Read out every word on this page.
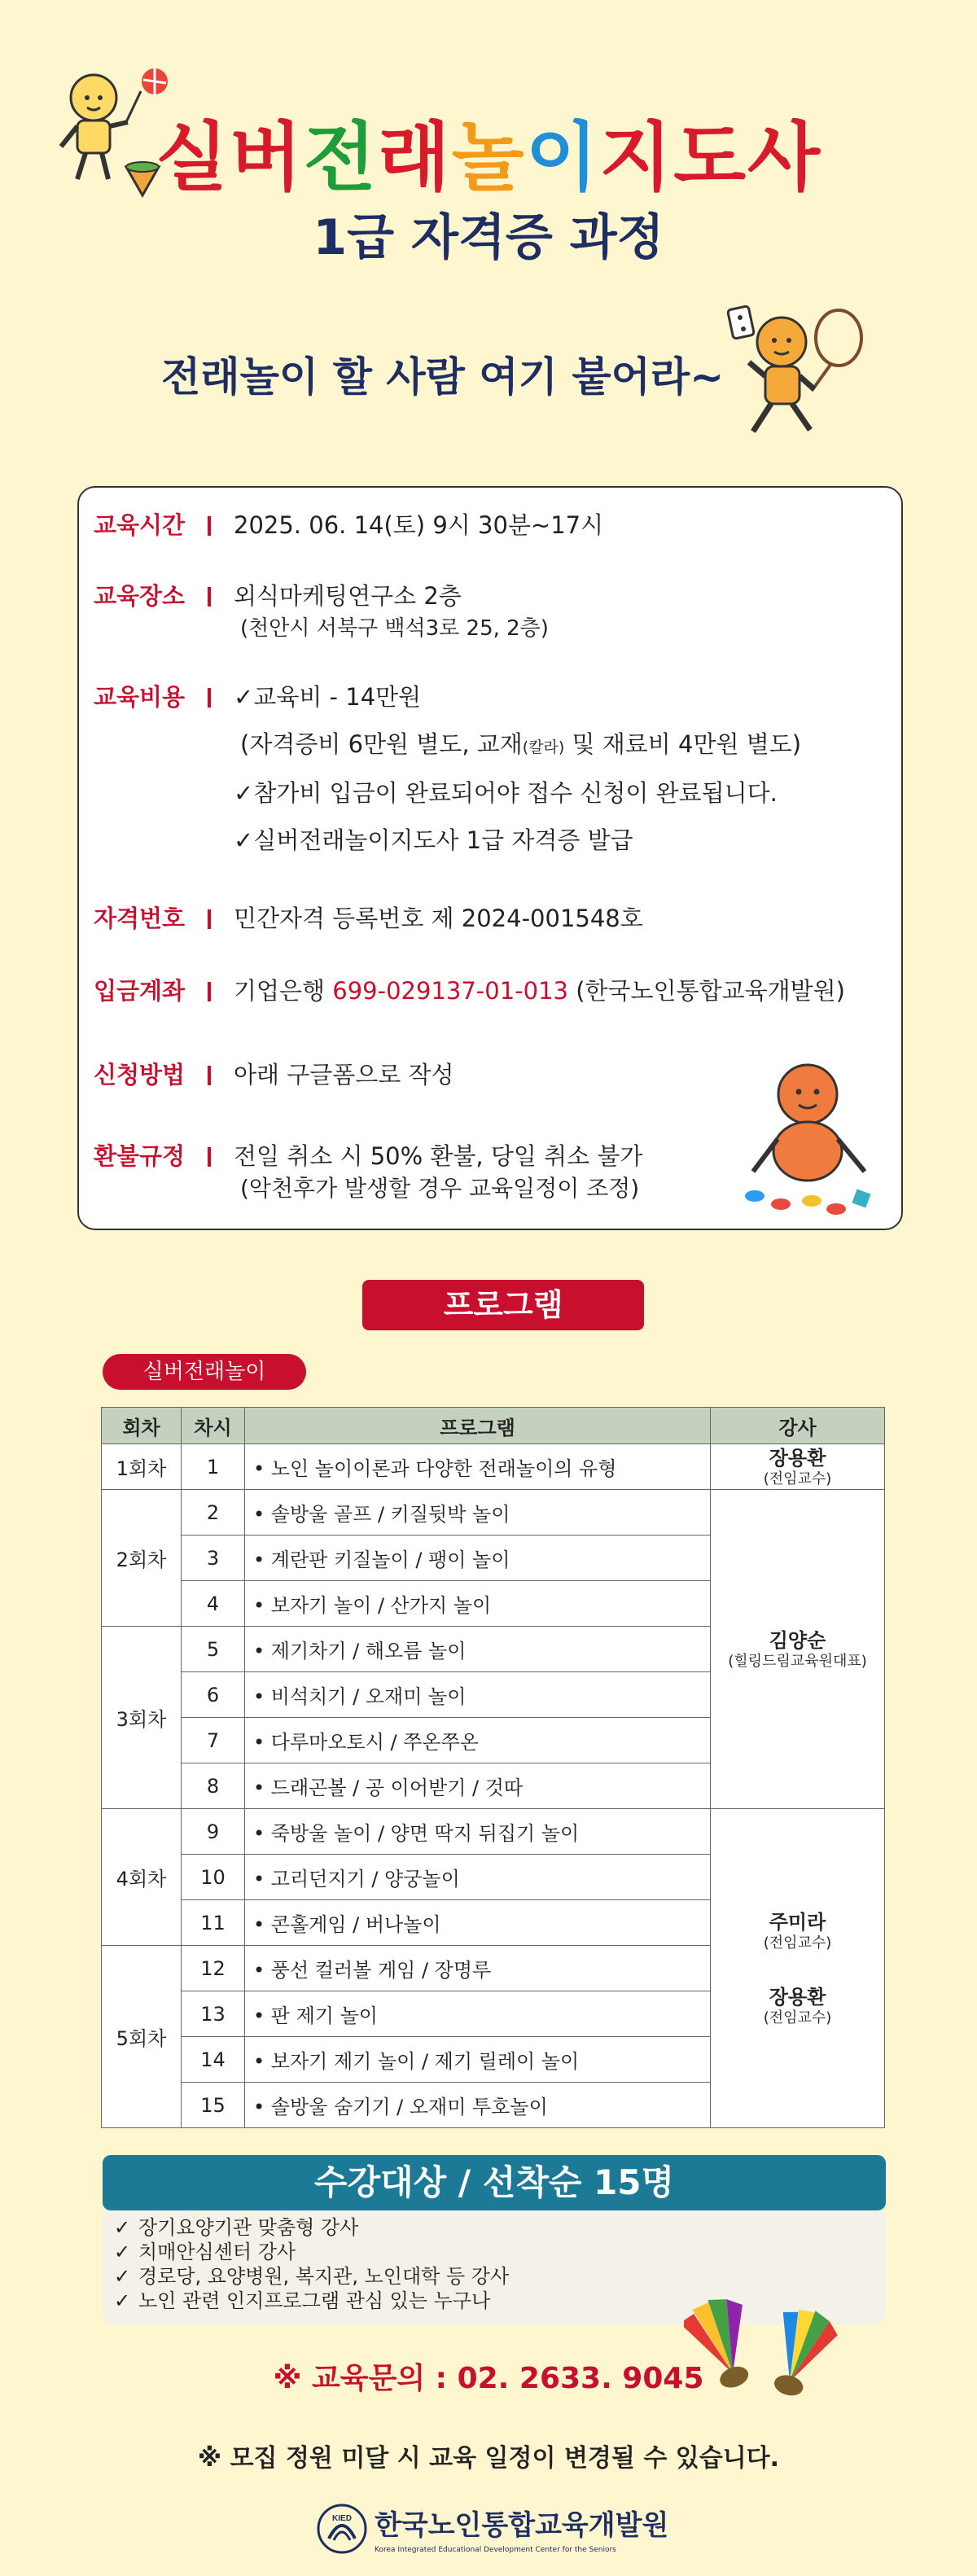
실버전래놀이지도사
1급 자격증 과정
전래놀이 할 사람 여기 붙어라~
교육시간	2025. 06. 14(토) 9시 30분~17시
교육장소	외식마케팅연구소 2층
(천안시 서북구 백석3로 25, 2층)
교육비용	✓교육비 - 14만원
(자격증비 6만원 별도, 교재(칼라) 및 재료비 4만원 별도)
✓참가비 입금이 완료되어야 접수 신청이 완료됩니다.
✓실버전래놀이지도사 1급 자격증 발급
자격번호	민간자격 등록번호 제 2024-001548호
입금계좌	기업은행 699-029137-01-013 (한국노인통합교육개발원)
신청방법	아래 구글폼으로 작성
환불규정	전일 취소 시 50% 환불, 당일 취소 불가
(악천후가 발생할 경우 교육일정이 조정)
프로그램
실버전래놀이
회차	차시	프로그램	강사
1회차	1	• 노인 놀이이론과 다양한 전래놀이의 유형	장용환
(전임교수)

2회차	2	• 솔방울 골프 / 키질뒷박 놀이	김양순
(힐링드림교육원대표)

	3	• 계란판 키질놀이 / 팽이 놀이	
	4	• 보자기 놀이 / 산가지 놀이	
3회차	5	• 제기차기 / 해오름 놀이	
	6	• 비석치기 / 오재미 놀이	
	7	• 다루마오토시 / 쭈온쭈온	
	8	• 드래곤볼 / 공 이어받기 / 것따	
4회차	9	• 죽방울 놀이 / 양면 딱지 뒤집기 놀이	주미라
(전임교수)
장용환
(전임교수)

	10	• 고리던지기 / 양궁놀이	
	11	• 콘홀게임 / 버나놀이	
5회차	12	• 풍선 컬러볼 게임 / 장명루	
	13	• 판 제기 놀이	
	14	• 보자기 제기 놀이 / 제기 릴레이 놀이	
	15	• 솔방울 숨기기 / 오재미 투호놀이	
수강대상 / 선착순 15명
✓ 장기요양기관 맞춤형 강사
✓ 치매안심센터 강사
✓ 경로당, 요양병원, 복지관, 노인대학 등 강사
✓ 노인 관련 인지프로그램 관심 있는 누구나
※ 교육문의 : 02. 2633. 9045
※ 모집 정원 미달 시 교육 일정이 변경될 수 있습니다.
KIED 한국노인통합교육개발원
Korea Integrated Educational Development Center for the Seniors
